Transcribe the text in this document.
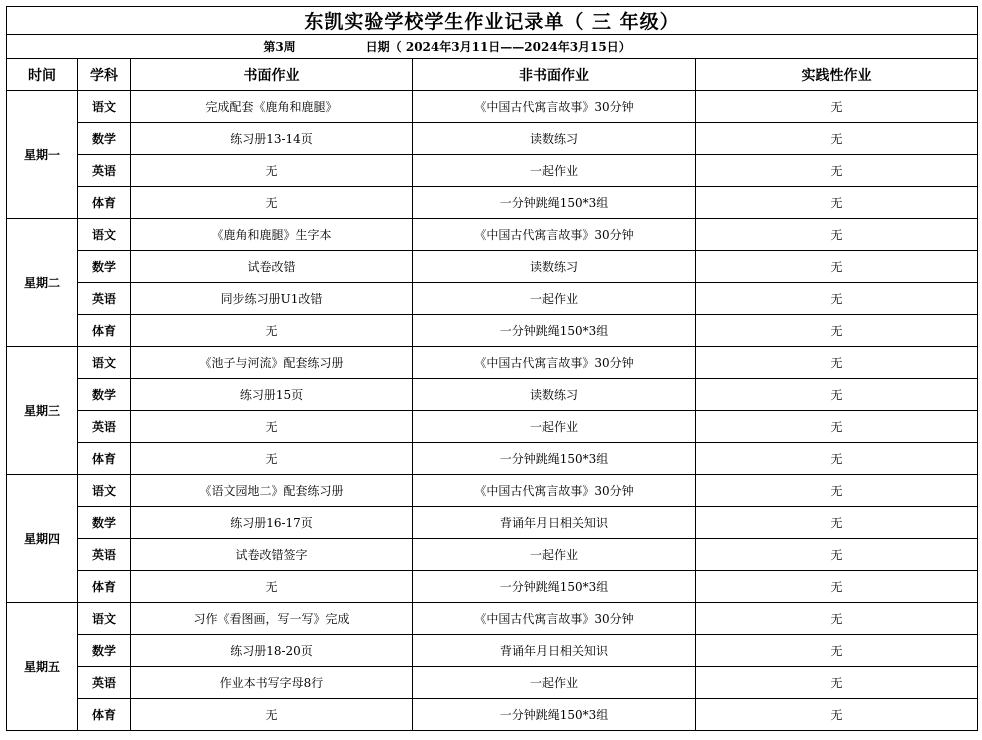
东凯实验学校学生作业记录单（ 三 年级）				
第3周 日期（ 2024年3月11日——2024年3月15日）				
时间	学科	书面作业	非书面作业	实践性作业
星期一	语文	完成配套《鹿角和鹿腿》	《中国古代寓言故事》30分钟	无
	数学	练习册13-14页	读数练习	无
	英语	无	一起作业	无
	体育	无	一分钟跳绳150*3组	无
星期二	语文	《鹿角和鹿腿》生字本	《中国古代寓言故事》30分钟	无
	数学	试卷改错	读数练习	无
	英语	同步练习册U1改错	一起作业	无
	体育	无	一分钟跳绳150*3组	无
星期三	语文	《池子与河流》配套练习册	《中国古代寓言故事》30分钟	无
	数学	练习册15页	读数练习	无
	英语	无	一起作业	无
	体育	无	一分钟跳绳150*3组	无
星期四	语文	《语文园地二》配套练习册	《中国古代寓言故事》30分钟	无
	数学	练习册16-17页	背诵年月日相关知识	无
	英语	试卷改错签字	一起作业	无
	体育	无	一分钟跳绳150*3组	无
星期五	语文	习作《看图画，写一写》完成	《中国古代寓言故事》30分钟	无
	数学	练习册18-20页	背诵年月日相关知识	无
	英语	作业本书写字母8行	一起作业	无
	体育	无	一分钟跳绳150*3组	无
